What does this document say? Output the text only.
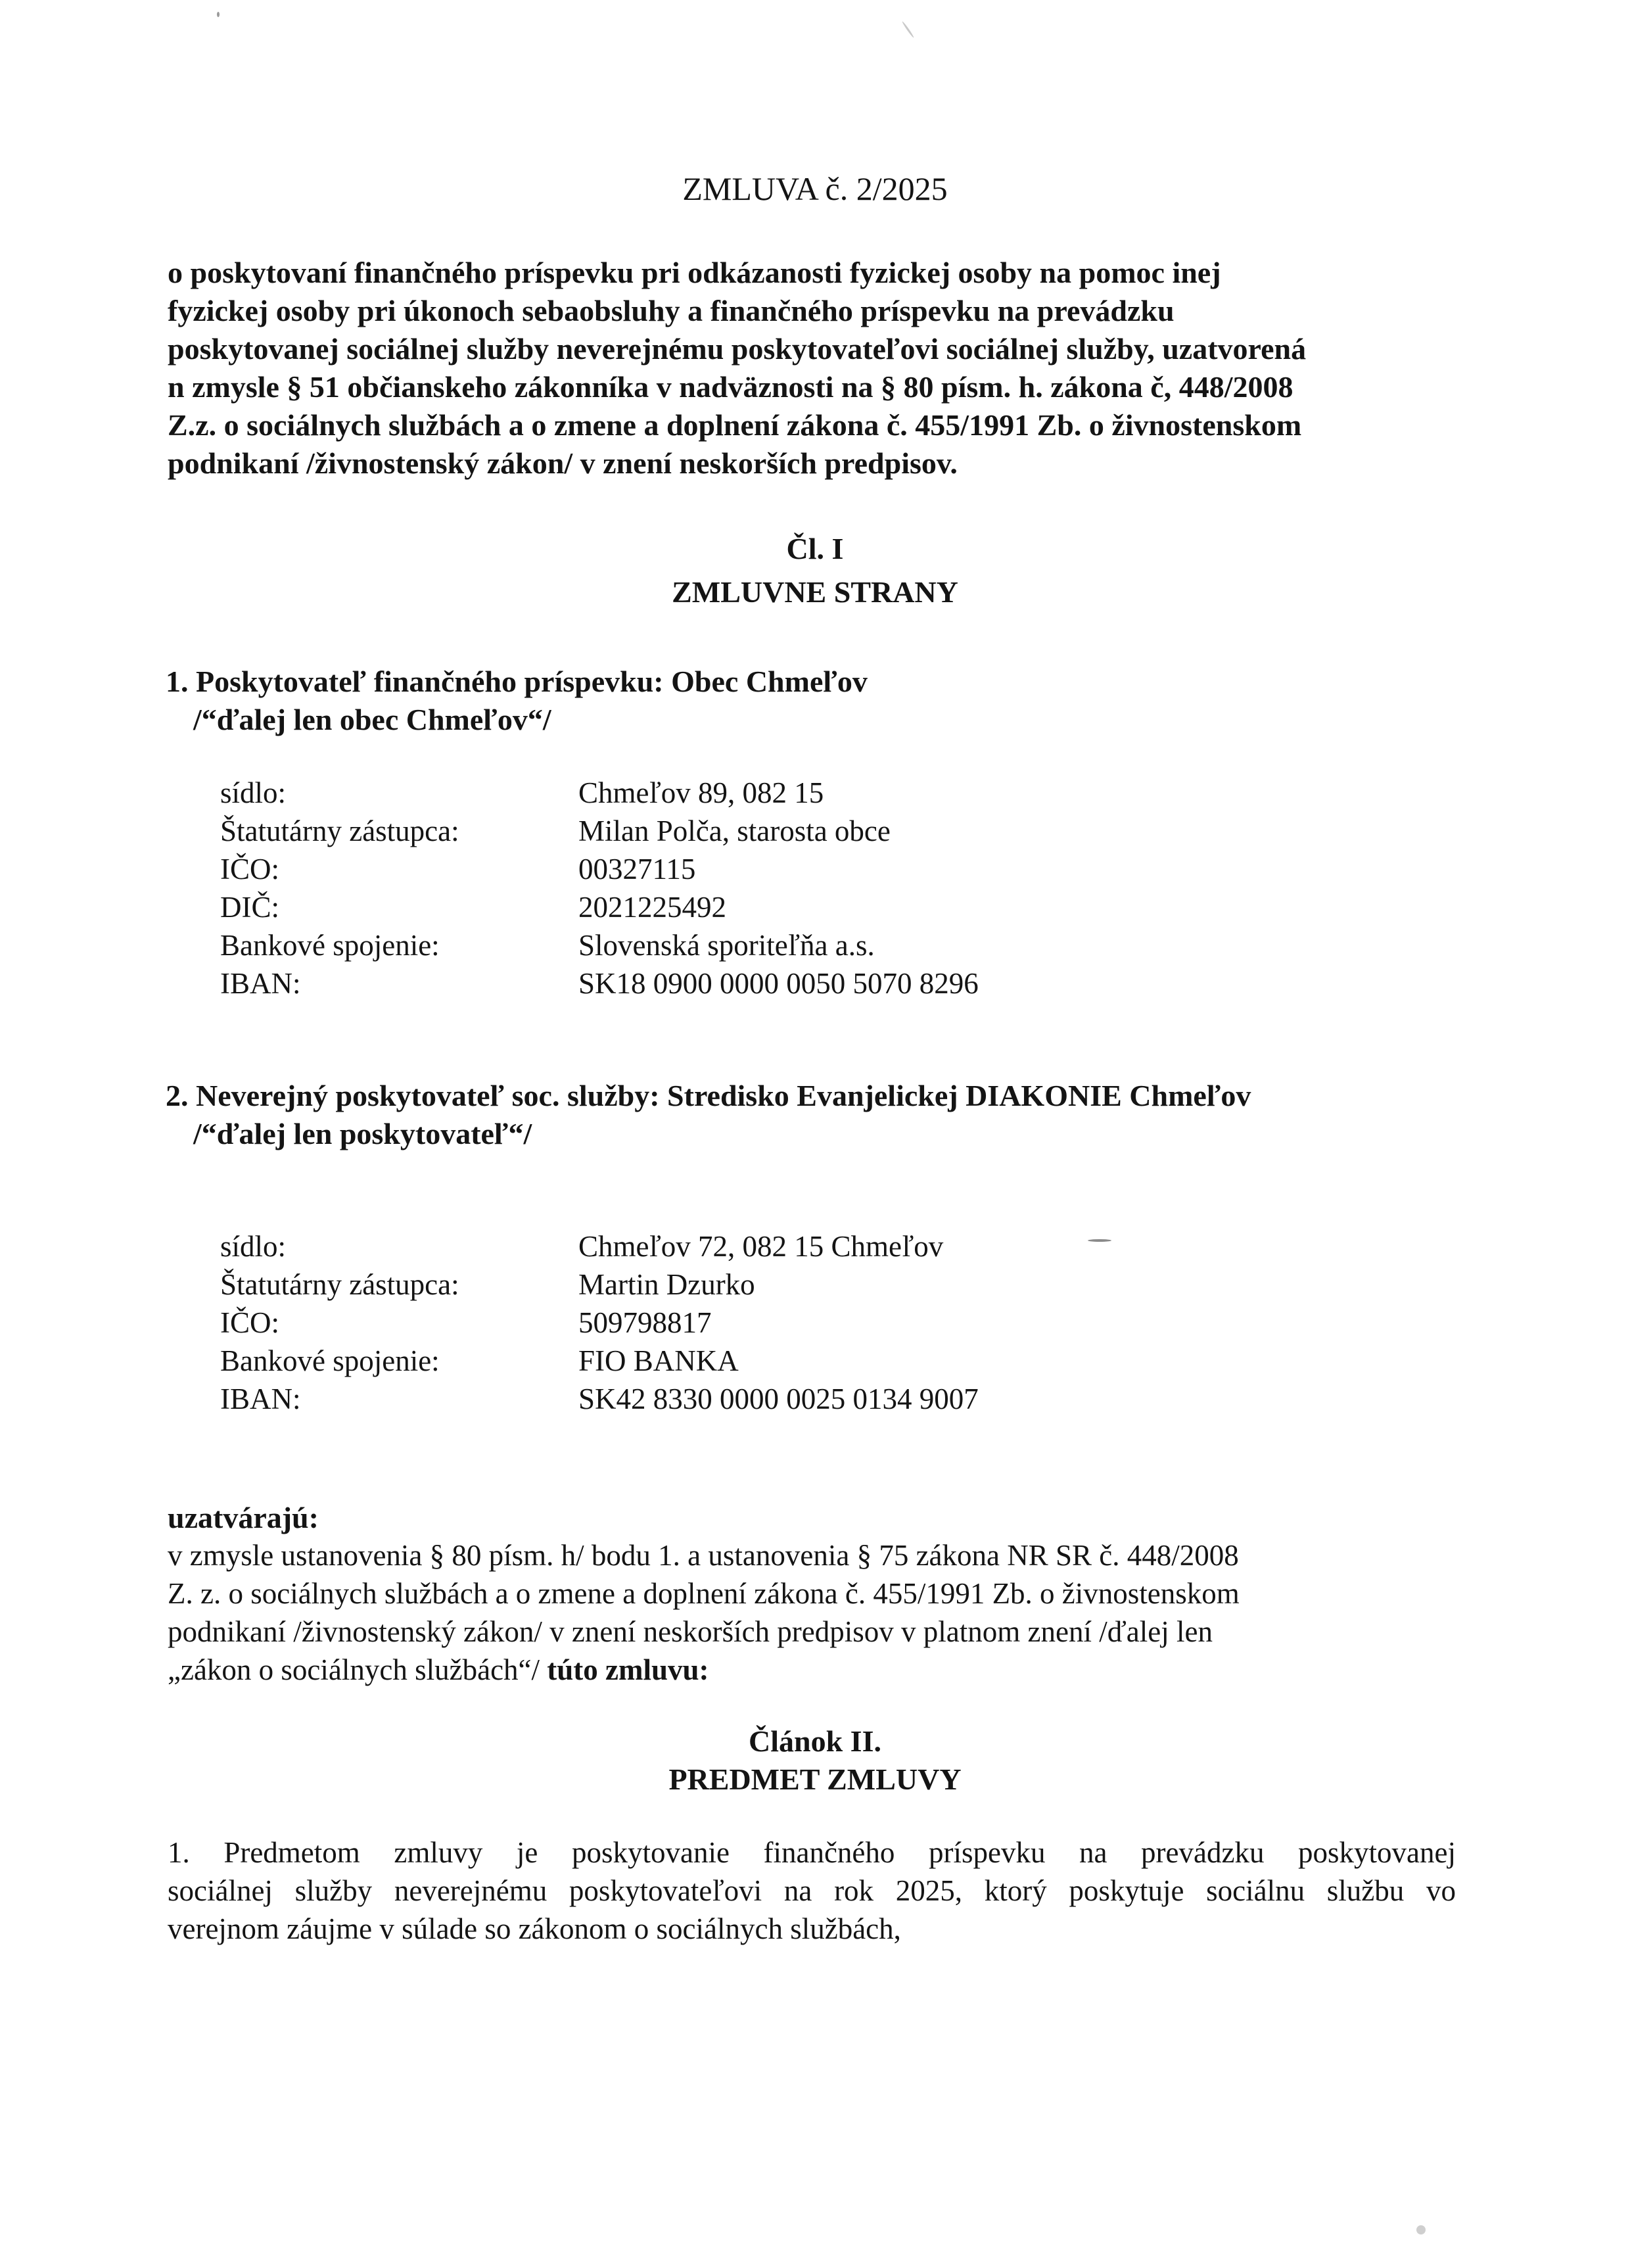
ZMLUVA č. 2/2025
o poskytovaní finančného príspevku pri odkázanosti fyzickej osoby na pomoc inej
fyzickej osoby pri úkonoch sebaobsluhy a finančného príspevku na prevádzku
poskytovanej sociálnej služby neverejnému poskytovateľovi sociálnej služby, uzatvorená
n zmysle § 51 občianskeho zákonníka v nadväznosti na § 80 písm. h. zákona č, 448/2008
Z.z. o sociálnych službách a o zmene a doplnení zákona č. 455/1991 Zb. o živnostenskom
podnikaní /živnostenský zákon/ v znení neskorších predpisov.
Čl. I
ZMLUVNE STRANY
1. Poskytovateľ finančného príspevku: Obec Chmeľov
/“ďalej len obec Chmeľov“/
sídlo:	Chmeľov 89, 082 15
Štatutárny zástupca:	Milan Polča, starosta obce
IČO:	00327115
DIČ:	2021225492
Bankové spojenie:	Slovenská sporiteľňa a.s.
IBAN:	SK18 0900 0000 0050 5070 8296
2. Neverejný poskytovateľ soc. služby: Stredisko Evanjelickej DIAKONIE Chmeľov
/“ďalej len poskytovateľ“/
sídlo:	Chmeľov 72, 082 15 Chmeľov
Štatutárny zástupca:	Martin Dzurko
IČO:	509798817
Bankové spojenie:	FIO BANKA
IBAN:	SK42 8330 0000 0025 0134 9007
uzatvárajú:
v zmysle ustanovenia § 80 písm. h/ bodu 1. a ustanovenia § 75 zákona NR SR č. 448/2008
Z. z. o sociálnych službách a o zmene a doplnení zákona č. 455/1991 Zb. o živnostenskom
podnikaní /živnostenský zákon/ v znení neskorších predpisov v platnom znení /ďalej len
„zákon o sociálnych službách“/ túto zmluvu:
Článok II.
PREDMET ZMLUVY
1. Predmetom zmluvy je poskytovanie finančného príspevku na prevádzku poskytovanej
sociálnej služby neverejnému poskytovateľovi na rok 2025, ktorý poskytuje sociálnu službu vo
verejnom záujme v súlade so zákonom o sociálnych službách,
